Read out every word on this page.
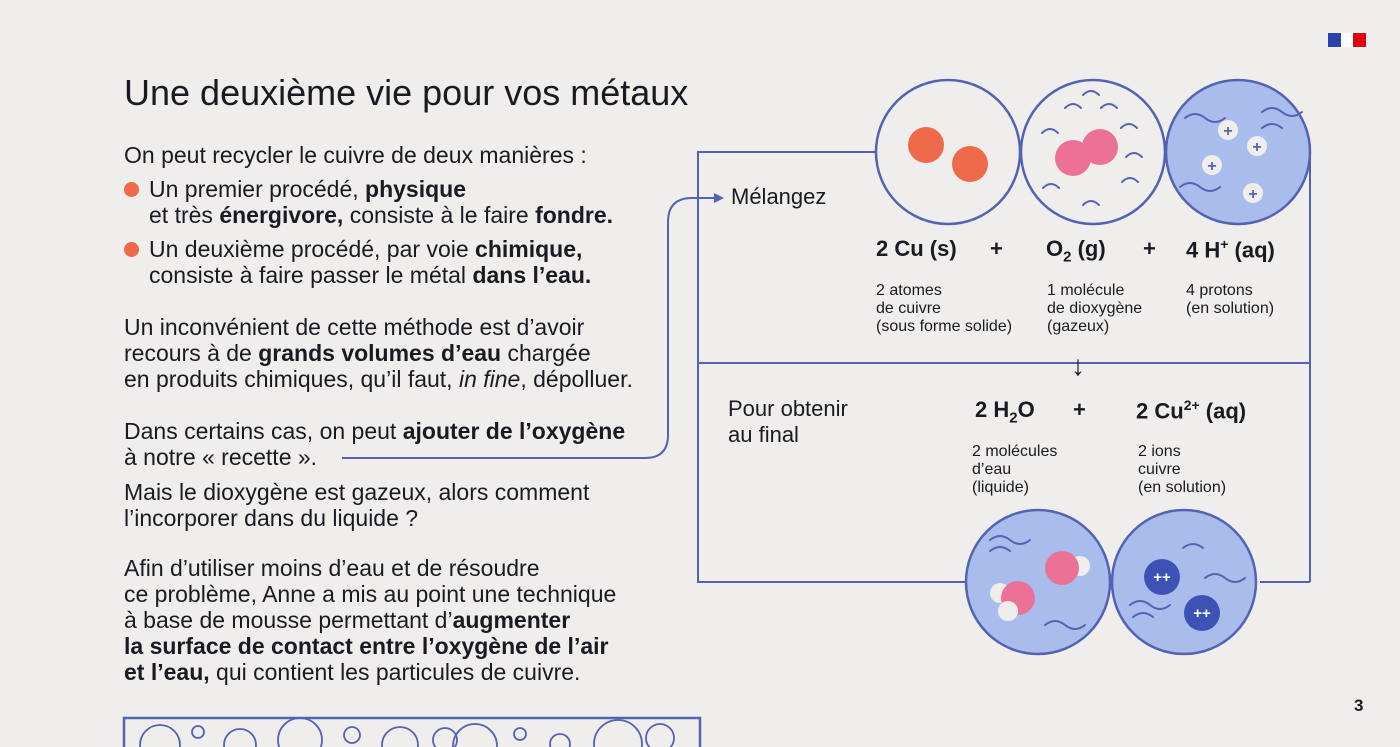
Une deuxième vie pour vos métaux

On peut recycler le cuivre de deux manières :

Un premier procédé, physique
et très énergivore, consiste à le faire fondre.
Un deuxième procédé, par voie chimique,
consiste à faire passer le métal dans l’eau.
Un inconvénient de cette méthode est d’avoir
recours à de grands volumes d’eau chargée
en produits chimiques, qu’il faut, in fine, dépolluer.
Dans certains cas, on peut ajouter de l’oxygène
à notre « recette ».
Mais le dioxygène est gazeux, alors comment
l’incorporer dans du liquide ?
Afin d’utiliser moins d’eau et de résoudre
ce problème, Anne a mis au point une technique
à base de mousse permettant d’augmenter
la surface de contact entre l’oxygène de l’air
et l’eau, qui contient les particules de cuivre.
+
+
+
+
++
++
Mélangez
2 Cu $(s) + O_2$ (g) + 4 H+ (aq)
2 atomes
de cuivre
(sous forme solide)
1 molécule
de dioxygène
(gazeux)
4 protons
(en solution)
↓
Pour obtenir
au final
2 $H_2O + 2$ $Cu^{2+}$ (aq)
2 molécules
d’eau
(liquide)
2 ions
cuivre
(en solution)
3
